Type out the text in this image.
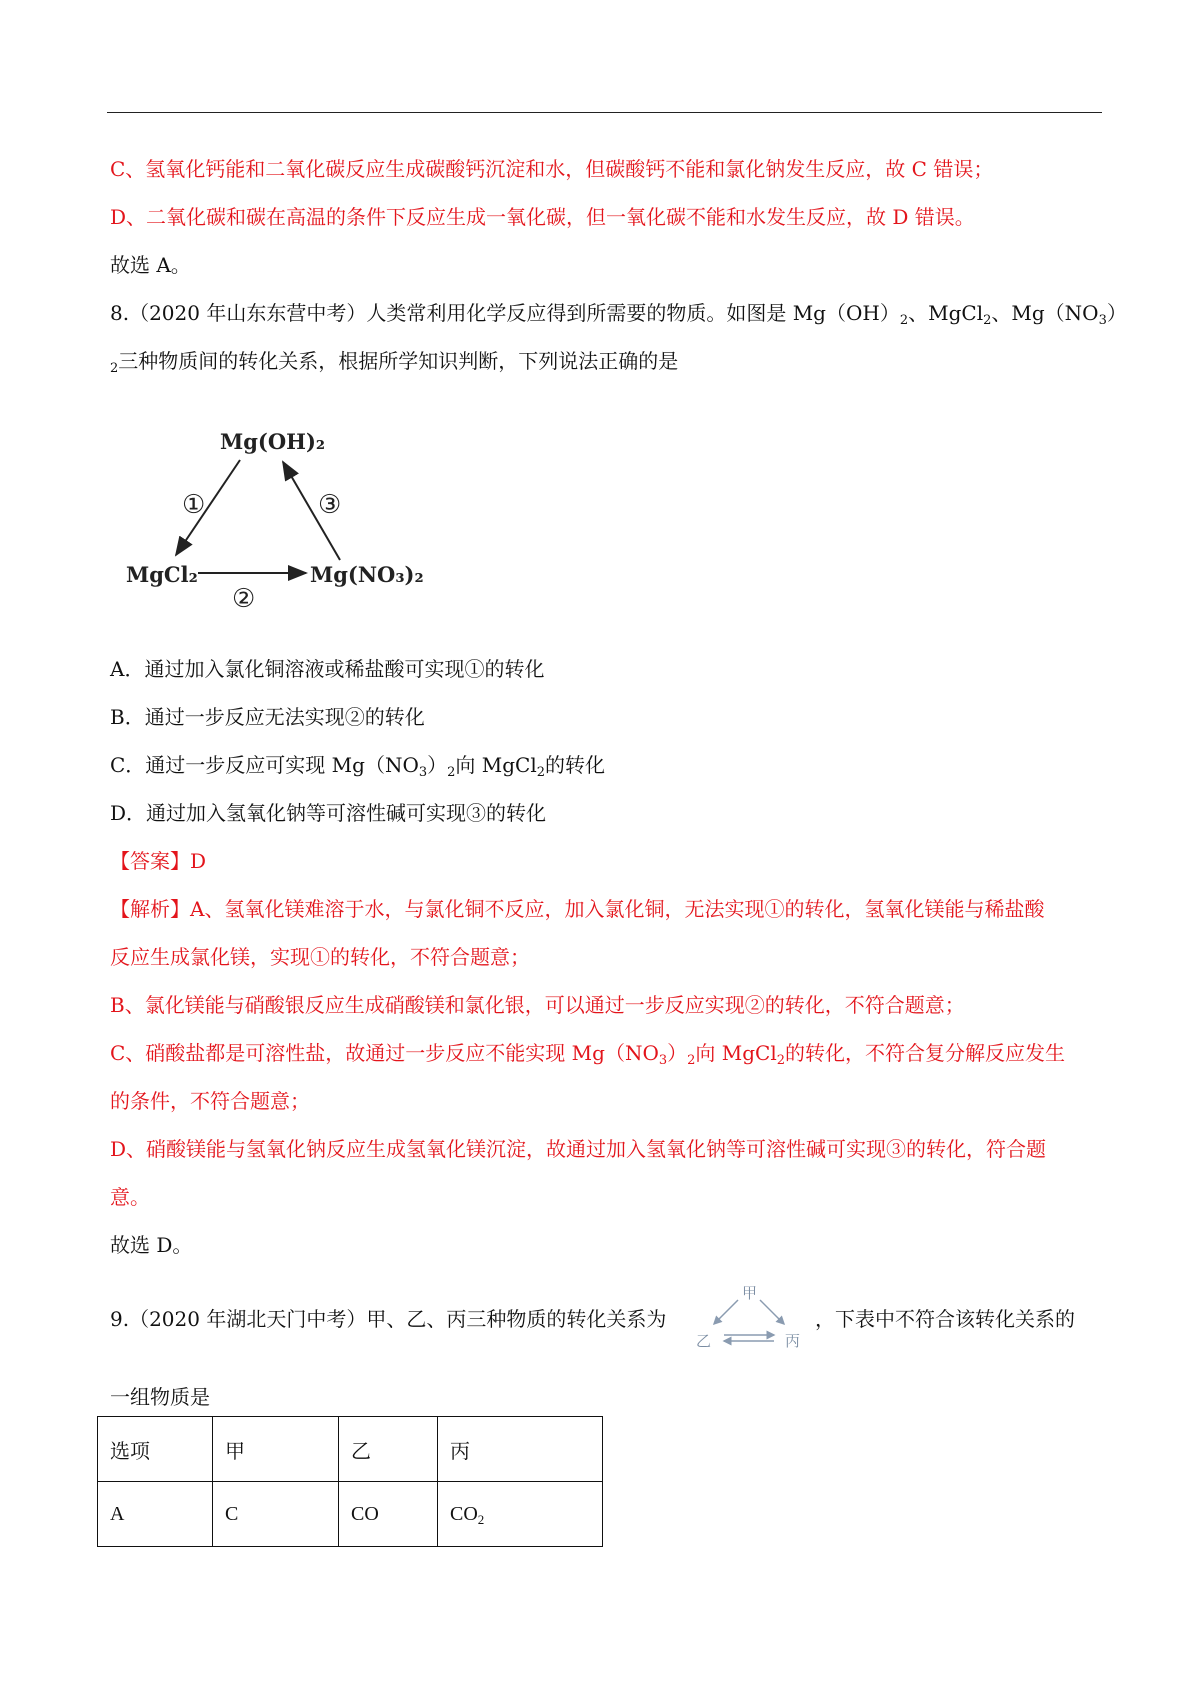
C、氢氧化钙能和二氧化碳反应生成碳酸钙沉淀和水，但碳酸钙不能和氯化钠发生反应，故 C 错误；
D、二氧化碳和碳在高温的条件下反应生成一氧化碳，但一氧化碳不能和水发生反应，故 D 错误。
故选 A。
8.（2020 年山东东营中考）人类常利用化学反应得到所需要的物质。如图是 $Mg(OH)_2$、MgCl$_2$、$Mg(NO_3)$
$_2$三种物质间的转化关系，根据所学知识判断，下列说法正确的是
Mg(OH)₂
MgCl₂	Mg(NO₃)₂
①	③
②
A．通过加入氯化铜溶液或稀盐酸可实现①的转化
B．通过一步反应无法实现②的转化
C．通过一步反应可实现 $Mg(NO_3)_2$向 MgCl$_2$的转化
D．通过加入氢氧化钠等可溶性碱可实现③的转化
【答案】D
【解析】A、氢氧化镁难溶于水，与氯化铜不反应，加入氯化铜，无法实现①的转化，氢氧化镁能与稀盐酸
反应生成氯化镁，实现①的转化，不符合题意；
B、氯化镁能与硝酸银反应生成硝酸镁和氯化银，可以通过一步反应实现②的转化，不符合题意；
C、硝酸盐都是可溶性盐，故通过一步反应不能实现 $Mg(NO_3)_2$向 MgCl$_2$的转化，不符合复分解反应发生
的条件，不符合题意；
D、硝酸镁能与氢氧化钠反应生成氢氧化镁沉淀，故通过加入氢氧化钠等可溶性碱可实现③的转化，符合题
意。
故选 D。
9.（2020 年湖北天门中考）甲、乙、丙三种物质的转化关系为
甲
乙	丙
，下表中不符合该转化关系的
一组物质是
选项	甲	乙	丙
A	C	CO	$CO_2$
